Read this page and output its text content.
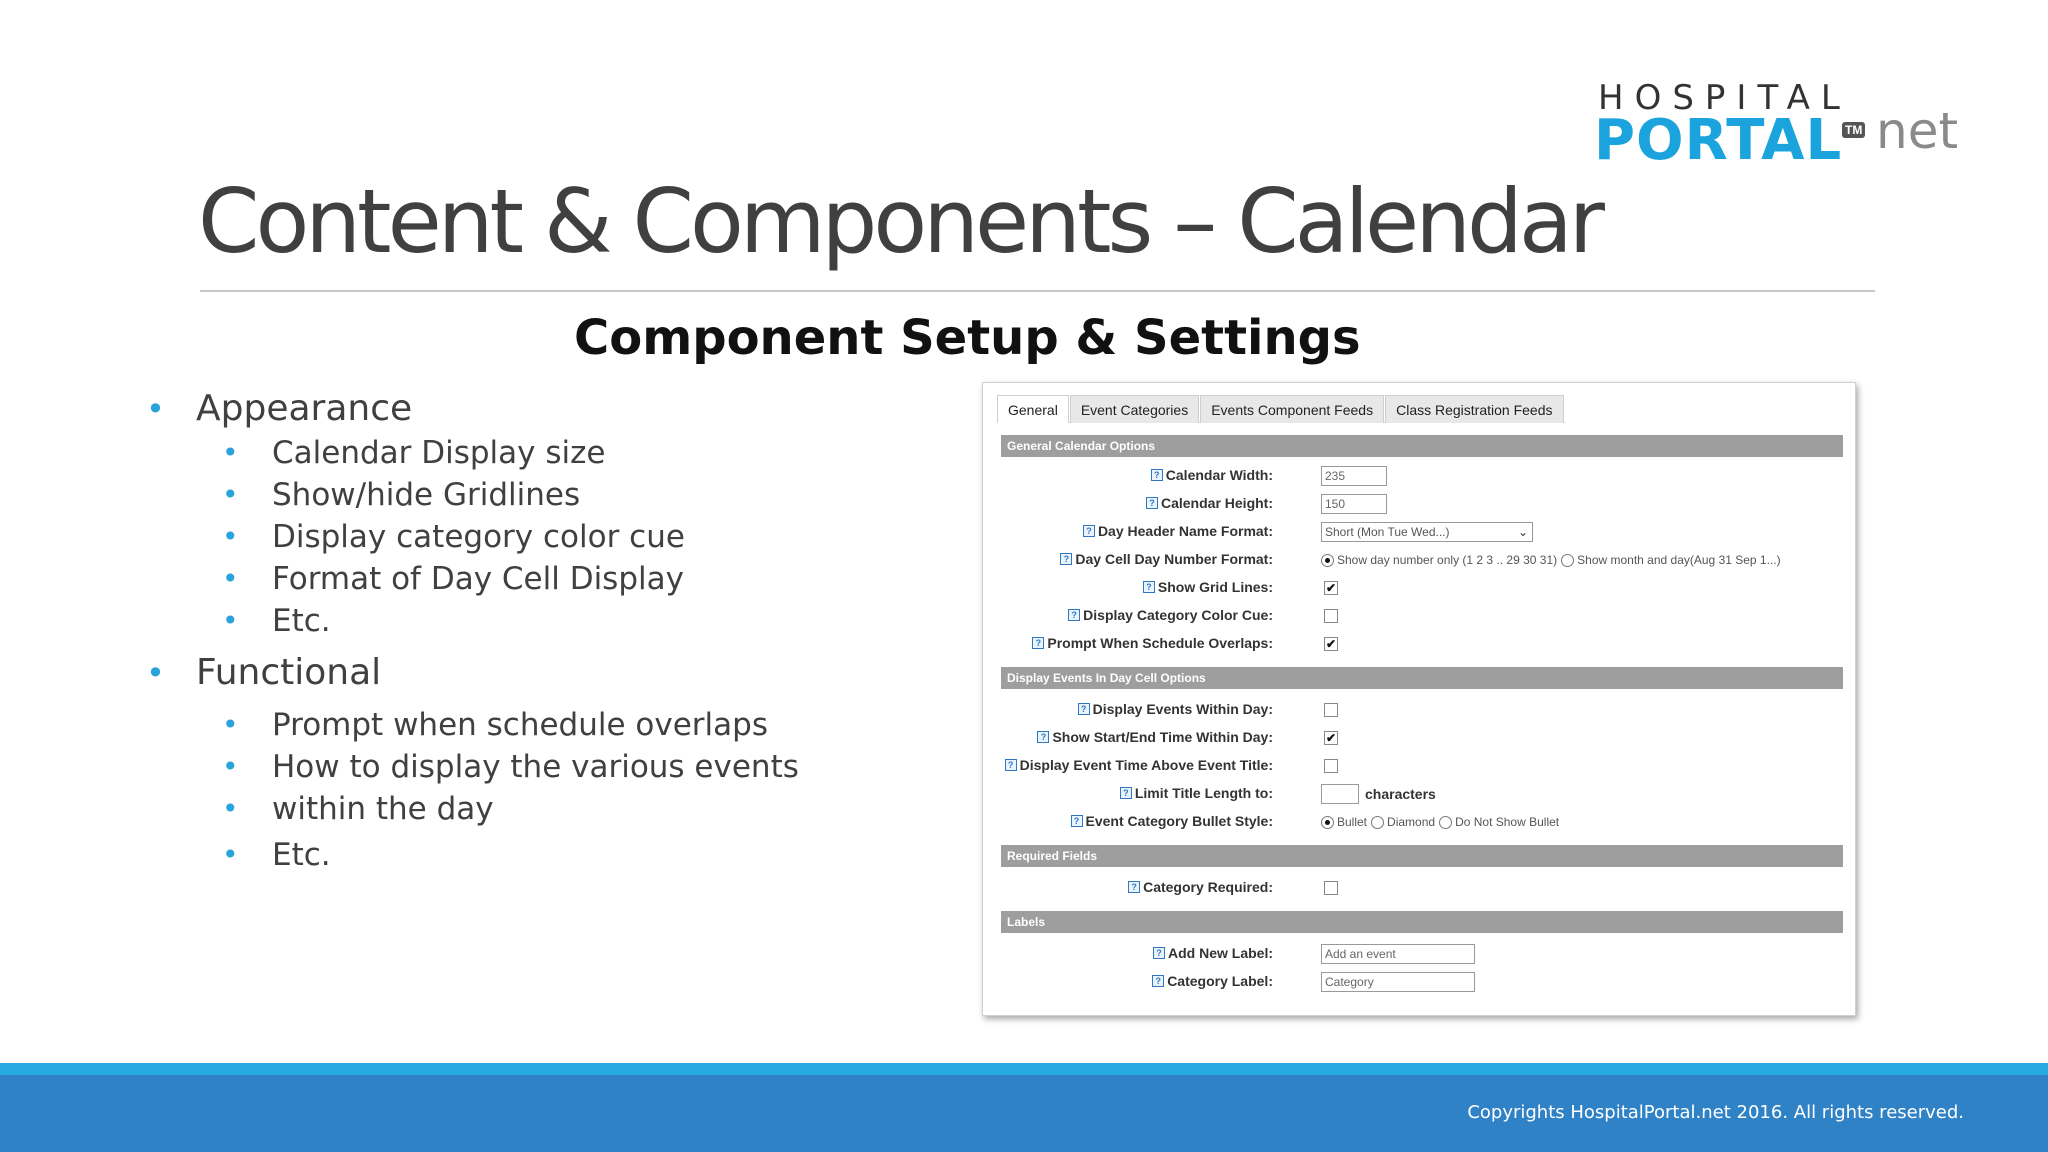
HOSPITAL
PORTAL TM net
Content & Components – Calendar
Component Setup & Settings
• Appearance
• Calendar Display size
• Show/hide Gridlines
• Display category color cue
• Format of Day Cell Display
• Etc.
• Functional
• Prompt when schedule overlaps
• How to display the various events
• within the day
• Etc.
General	Event Categories	Events Component Feeds	Class Registration Feeds
General Calendar Options
? Calendar Width:	235
? Calendar Height:	150
? Day Header Name Format:	Short (Mon Tue Wed...)	⌄
? Day Cell Day Number Format:	Show day number only (1 2 3 .. 29 30 31) Show month and day(Aug 31 Sep 1...)
? Show Grid Lines:	✔
? Display Category Color Cue:
? Prompt When Schedule Overlaps:	✔
Display Events In Day Cell Options
? Display Events Within Day:
? Show Start/End Time Within Day:	✔
? Display Event Time Above Event Title:
? Limit Title Length to:	characters
? Event Category Bullet Style:	Bullet Diamond Do Not Show Bullet
Required Fields
? Category Required:
Labels
? Add New Label:	Add an event
? Category Label:	Category
Copyrights HospitalPortal.net 2016. All rights reserved.
